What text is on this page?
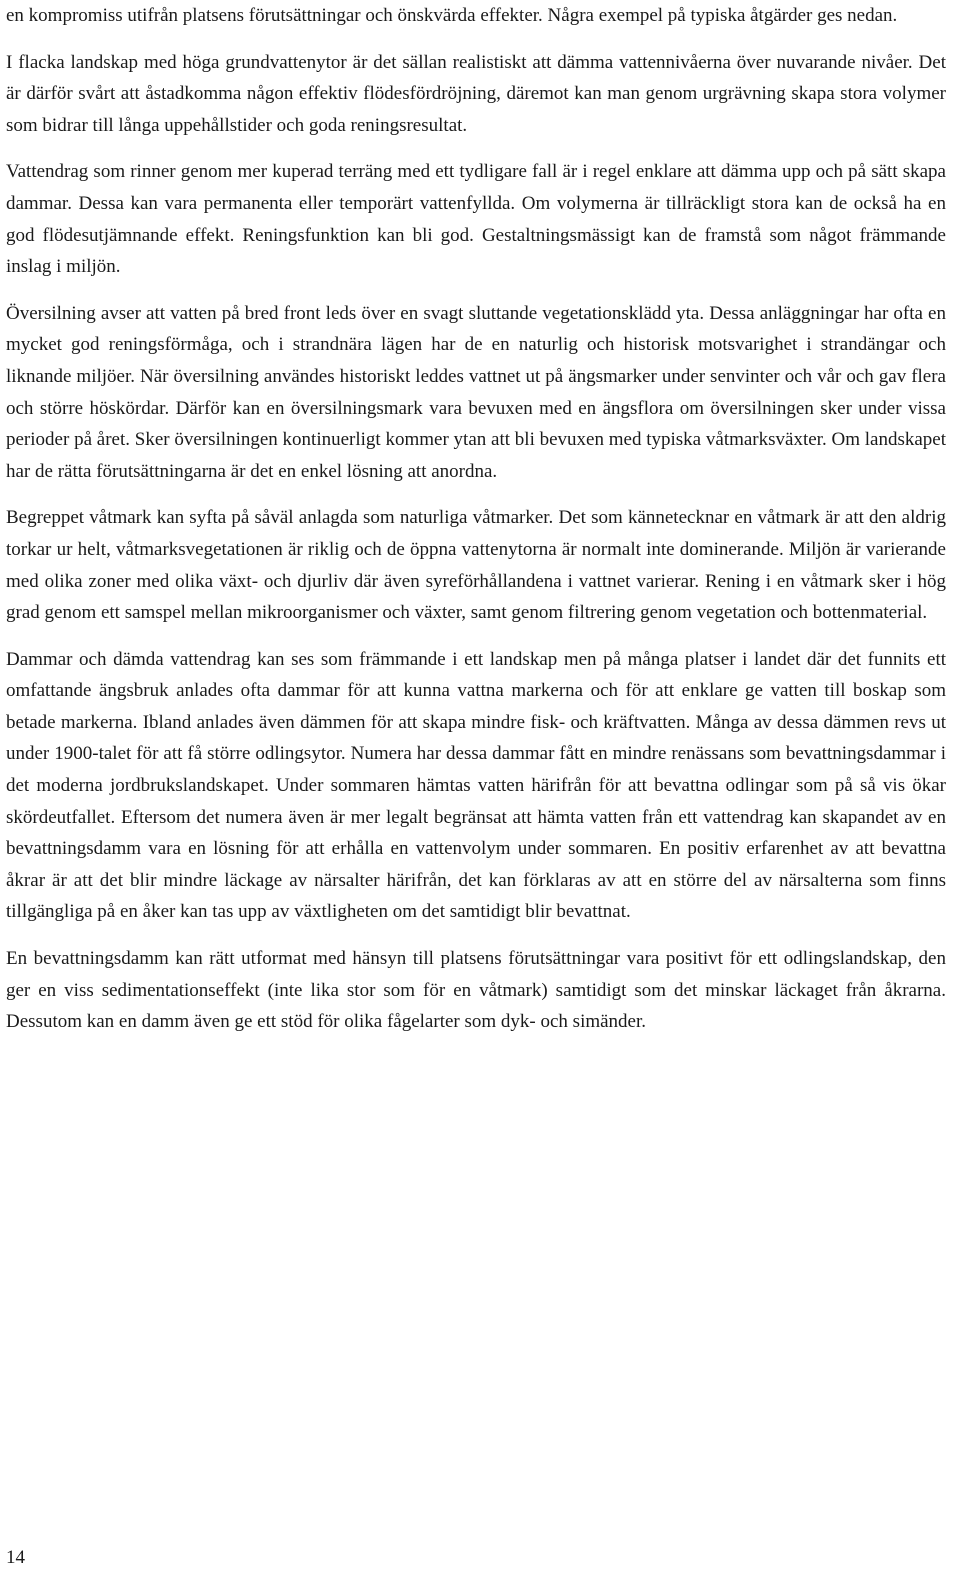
en kompromiss utifrån platsens förutsättningar och önskvärda effekter. Några exempel på typiska åtgärder ges nedan.

I flacka landskap med höga grundvattenytor är det sällan realistiskt att dämma vattennivåerna över nuvarande nivåer. Det är därför svårt att åstadkomma någon effektiv flödesfördröjning, däremot kan man genom urgrävning skapa stora volymer som bidrar till långa uppehållstider och goda reningsresultat.

Vattendrag som rinner genom mer kuperad terräng med ett tydligare fall är i regel enklare att dämma upp och på sätt skapa dammar. Dessa kan vara permanenta eller temporärt vattenfyllda. Om volymerna är tillräckligt stora kan de också ha en god flödesutjämnande effekt. Reningsfunktion kan bli god. Gestaltningsmässigt kan de framstå som något främmande inslag i miljön.

Översilning avser att vatten på bred front leds över en svagt sluttande vegetationsklädd yta. Dessa anläggningar har ofta en mycket god reningsförmåga, och i strandnära lägen har de en naturlig och historisk motsvarighet i strandängar och liknande miljöer. När översilning användes historiskt leddes vattnet ut på ängsmarker under senvinter och vår och gav flera och större höskördar. Därför kan en översilningsmark vara bevuxen med en ängsflora om översilningen sker under vissa perioder på året. Sker översilningen kontinuerligt kommer ytan att bli bevuxen med typiska våtmarksväxter. Om landskapet har de rätta förutsättningarna är det en enkel lösning att anordna.

Begreppet våtmark kan syfta på såväl anlagda som naturliga våtmarker. Det som kännetecknar en våtmark är att den aldrig torkar ur helt, våtmarksvegetationen är riklig och de öppna vattenytorna är normalt inte dominerande. Miljön är varierande med olika zoner med olika växt- och djurliv där även syreförhållandena i vattnet varierar. Rening i en våtmark sker i hög grad genom ett samspel mellan mikroorganismer och växter, samt genom filtrering genom vegetation och bottenmaterial.

Dammar och dämda vattendrag kan ses som främmande i ett landskap men på många platser i landet där det funnits ett omfattande ängsbruk anlades ofta dammar för att kunna vattna markerna och för att enklare ge vatten till boskap som betade markerna. Ibland anlades även dämmen för att skapa mindre fisk- och kräftvatten. Många av dessa dämmen revs ut under 1900-talet för att få större odlingsytor. Numera har dessa dammar fått en mindre renässans som bevattningsdammar i det moderna jordbrukslandskapet. Under sommaren hämtas vatten härifrån för att bevattna odlingar som på så vis ökar skördeutfallet. Eftersom det numera även är mer legalt begränsat att hämta vatten från ett vattendrag kan skapandet av en bevattningsdamm vara en lösning för att erhålla en vattenvolym under sommaren. En positiv erfarenhet av att bevattna åkrar är att det blir mindre läckage av närsalter härifrån, det kan förklaras av att en större del av närsalterna som finns tillgängliga på en åker kan tas upp av växtligheten om det samtidigt blir bevattnat.

En bevattningsdamm kan rätt utformat med hänsyn till platsens förutsättningar vara positivt för ett odlingslandskap, den ger en viss sedimentationseffekt (inte lika stor som för en våtmark) samtidigt som det minskar läckaget från åkrarna. Dessutom kan en damm även ge ett stöd för olika fågelarter som dyk- och simänder.

14
